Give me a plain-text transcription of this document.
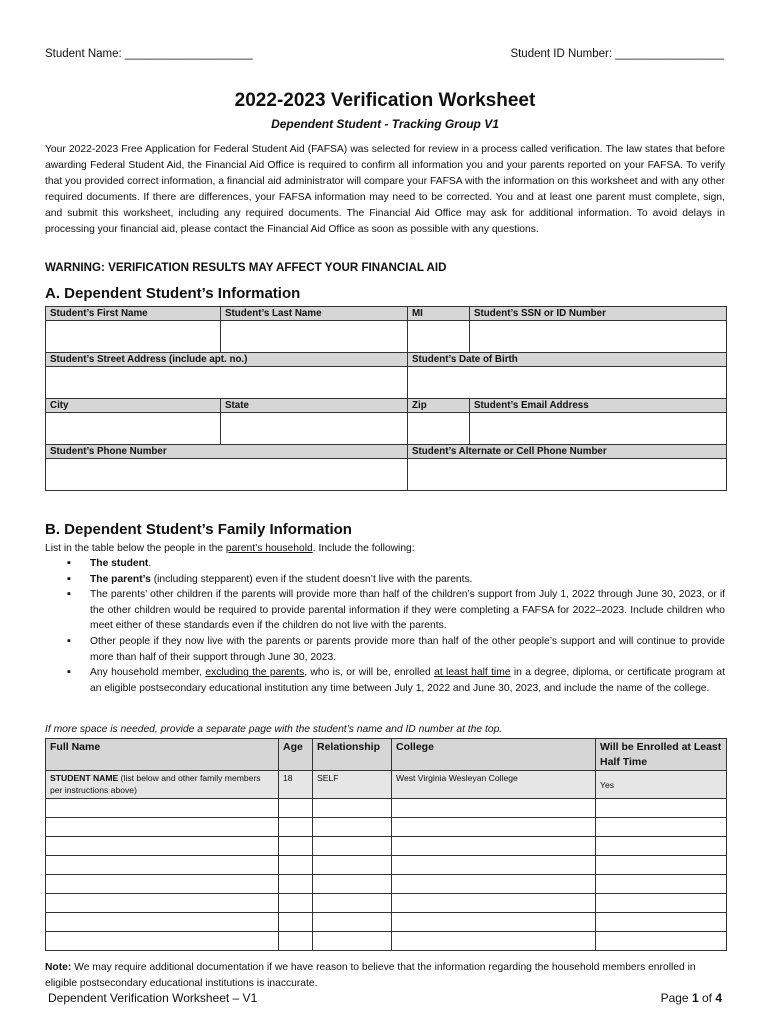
Student Name: ____________________	Student ID Number: _________________
2022-2023 Verification Worksheet
Dependent Student - Tracking Group V1
Your 2022-2023 Free Application for Federal Student Aid (FAFSA) was selected for review in a process called verification. The law states that before awarding Federal Student Aid, the Financial Aid Office is required to confirm all information you and your parents reported on your FAFSA. To verify that you provided correct information, a financial aid administrator will compare your FAFSA with the information on this worksheet and with any other required documents. If there are differences, your FAFSA information may need to be corrected. You and at least one parent must complete, sign, and submit this worksheet, including any required documents. The Financial Aid Office may ask for additional information. To avoid delays in processing your financial aid, please contact the Financial Aid Office as soon as possible with any questions.
WARNING: VERIFICATION RESULTS MAY AFFECT YOUR FINANCIAL AID
A. Dependent Student’s Information
Student’s First Name	Student’s Last Name	MI	Student’s SSN or ID Number

Student’s Street Address (include apt. no.)		Student’s Date of Birth	

City	State	Zip	Student’s Email Address

Student’s Phone Number		Student’s Alternate or Cell Phone Number	

B. Dependent Student’s Family Information
List in the table below the people in the parent’s household. Include the following:
▪ The student.
▪ The parent’s (including stepparent) even if the student doesn’t live with the parents.
▪ The parents’ other children if the parents will provide more than half of the children’s support from July 1, 2022 through June 30, 2023, or if the other children would be required to provide parental information if they were completing a FAFSA for 2022–2023. Include children who meet either of these standards even if the children do not live with the parents.
▪ Other people if they now live with the parents or parents provide more than half of the other people’s support and will continue to provide more than half of their support through June 30, 2023.
▪ Any household member, excluding the parents, who is, or will be, enrolled at least half time in a degree, diploma, or certificate program at an eligible postsecondary educational institution any time between July 1, 2022 and June 30, 2023, and include the name of the college.
If more space is needed, provide a separate page with the student’s name and ID number at the top.
Full Name	Age	Relationship	College	Will be Enrolled at Least Half Time
STUDENT NAME (list below and other family members per instructions above)	18	SELF	West Virginia Wesleyan College	Yes

Note: We may require additional documentation if we have reason to believe that the information regarding the household members enrolled in eligible postsecondary educational institutions is inaccurate.
Dependent Verification Worksheet – V1	Page 1 of 4
